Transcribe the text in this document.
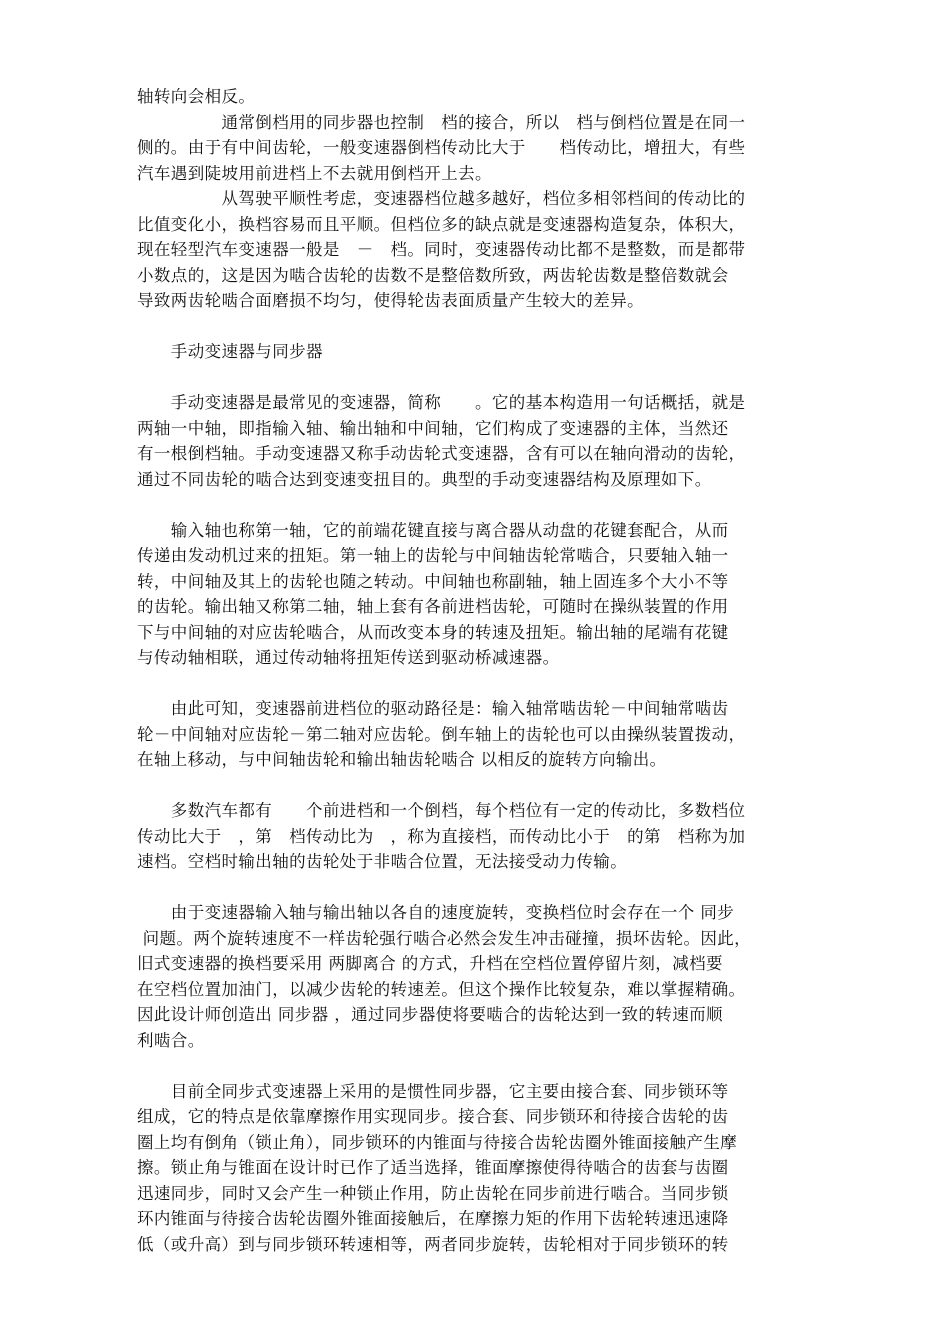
轴转向会相反。
　　　　　通常倒档用的同步器也控制　档的接合，所以　档与倒档位置是在同一
侧的。由于有中间齿轮，一般变速器倒档传动比大于　　档传动比，增扭大，有些
汽车遇到陡坡用前进档上不去就用倒档开上去。
　　　　　从驾驶平顺性考虑，变速器档位越多越好，档位多相邻档间的传动比的
比值变化小，换档容易而且平顺。但档位多的缺点就是变速器构造复杂，体积大，
现在轻型汽车变速器一般是　－　档。同时，变速器传动比都不是整数，而是都带
小数点的，这是因为啮合齿轮的齿数不是整倍数所致，两齿轮齿数是整倍数就会
导致两齿轮啮合面磨损不均匀，使得轮齿表面质量产生较大的差异。
　　手动变速器与同步器
　　手动变速器是最常见的变速器，简称　　。它的基本构造用一句话概括，就是
两轴一中轴，即指输入轴、输出轴和中间轴，它们构成了变速器的主体，当然还
有一根倒档轴。手动变速器又称手动齿轮式变速器，含有可以在轴向滑动的齿轮，
通过不同齿轮的啮合达到变速变扭目的。典型的手动变速器结构及原理如下。
　　输入轴也称第一轴，它的前端花键直接与离合器从动盘的花键套配合，从而
传递由发动机过来的扭矩。第一轴上的齿轮与中间轴齿轮常啮合，只要轴入轴一
转，中间轴及其上的齿轮也随之转动。中间轴也称副轴，轴上固连多个大小不等
的齿轮。输出轴又称第二轴，轴上套有各前进档齿轮，可随时在操纵装置的作用
下与中间轴的对应齿轮啮合，从而改变本身的转速及扭矩。输出轴的尾端有花键
与传动轴相联，通过传动轴将扭矩传送到驱动桥减速器。
　　由此可知，变速器前进档位的驱动路径是：输入轴常啮齿轮－中间轴常啮齿
轮－中间轴对应齿轮－第二轴对应齿轮。倒车轴上的齿轮也可以由操纵装置拨动，
在轴上移动，与中间轴齿轮和输出轴齿轮啮合 以相反的旋转方向输出。
　　多数汽车都有　　个前进档和一个倒档，每个档位有一定的传动比，多数档位
传动比大于　，第　档传动比为　，称为直接档，而传动比小于　的第　档称为加
速档。空档时输出轴的齿轮处于非啮合位置，无法接受动力传输。
　　由于变速器输入轴与输出轴以各自的速度旋转，变换档位时会存在一个 同步
问题。两个旋转速度不一样齿轮强行啮合必然会发生冲击碰撞，损坏齿轮。因此，
旧式变速器的换档要采用 两脚离合 的方式，升档在空档位置停留片刻，减档要
在空档位置加油门，以减少齿轮的转速差。但这个操作比较复杂，难以掌握精确。
因此设计师创造出 同步器 ，通过同步器使将要啮合的齿轮达到一致的转速而顺
利啮合。
　　目前全同步式变速器上采用的是惯性同步器，它主要由接合套、同步锁环等
组成，它的特点是依靠摩擦作用实现同步。接合套、同步锁环和待接合齿轮的齿
圈上均有倒角（锁止角），同步锁环的内锥面与待接合齿轮齿圈外锥面接触产生摩
擦。锁止角与锥面在设计时已作了适当选择，锥面摩擦使得待啮合的齿套与齿圈
迅速同步，同时又会产生一种锁止作用，防止齿轮在同步前进行啮合。当同步锁
环内锥面与待接合齿轮齿圈外锥面接触后，在摩擦力矩的作用下齿轮转速迅速降
低（或升高）到与同步锁环转速相等，两者同步旋转，齿轮相对于同步锁环的转
